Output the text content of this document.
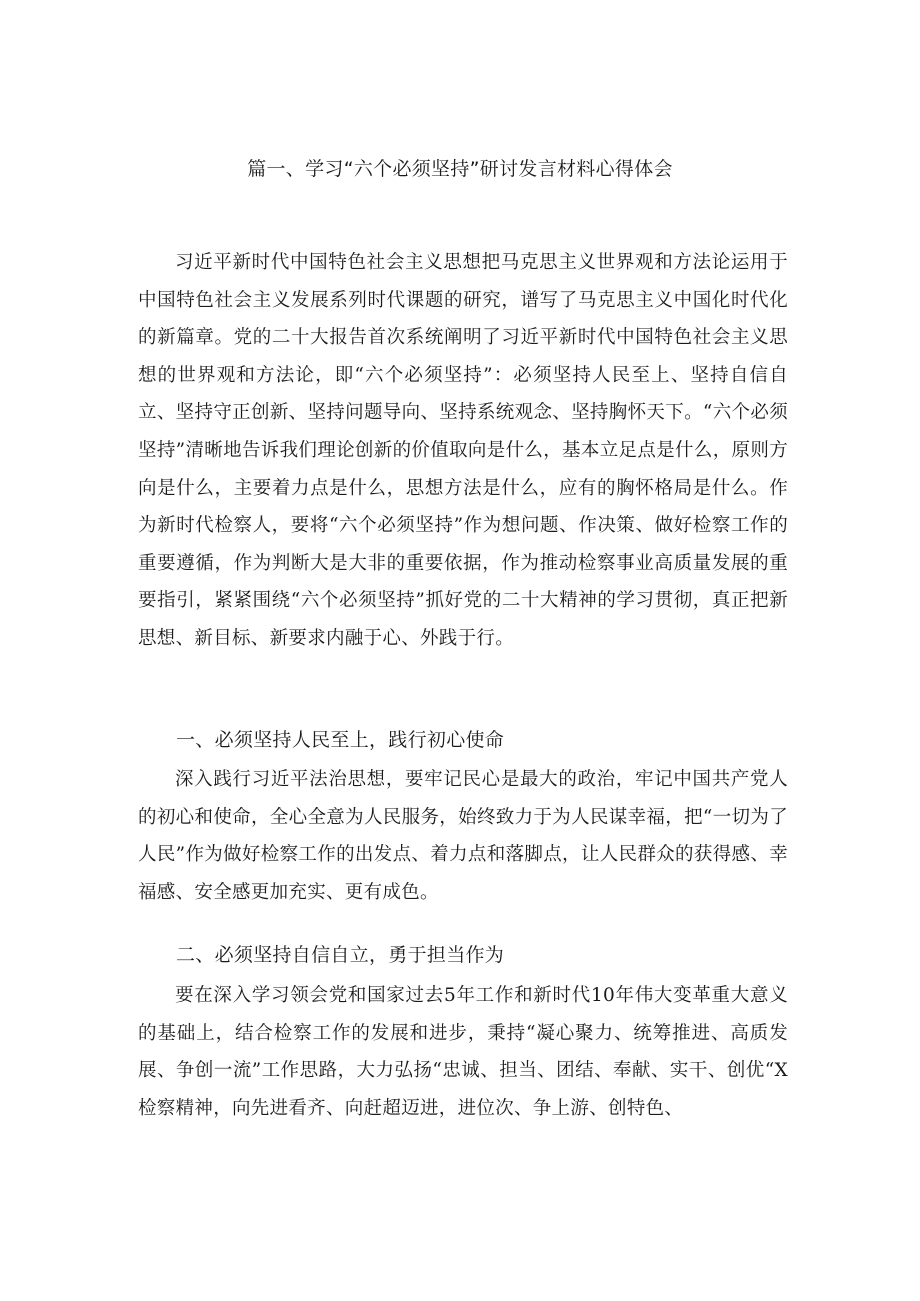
篇一、学习“六个必须坚持”研讨发言材料心得体会

习近平新时代中国特色社会主义思想把马克思主义世界观和方法论运用于中国特色社会主义发展系列时代课题的研究，谱写了马克思主义中国化时代化的新篇章。党的二十大报告首次系统阐明了习近平新时代中国特色社会主义思想的世界观和方法论，即“六个必须坚持”：必须坚持人民至上、坚持自信自立、坚持守正创新、坚持问题导向、坚持系统观念、坚持胸怀天下。“六个必须坚持”清晰地告诉我们理论创新的价值取向是什么，基本立足点是什么，原则方向是什么，主要着力点是什么，思想方法是什么，应有的胸怀格局是什么。作为新时代检察人，要将“六个必须坚持”作为想问题、作决策、做好检察工作的重要遵循，作为判断大是大非的重要依据，作为推动检察事业高质量发展的重要指引，紧紧围绕“六个必须坚持”抓好党的二十大精神的学习贯彻，真正把新思想、新目标、新要求内融于心、外践于行。

一、必须坚持人民至上，践行初心使命

深入践行习近平法治思想，要牢记民心是最大的政治，牢记中国共产党人的初心和使命，全心全意为人民服务，始终致力于为人民谋幸福，把“一切为了人民”作为做好检察工作的出发点、着力点和落脚点，让人民群众的获得感、幸福感、安全感更加充实、更有成色。

二、必须坚持自信自立，勇于担当作为

要在深入学习领会党和国家过去5年工作和新时代10年伟大变革重大意义的基础上，结合检察工作的发展和进步，秉持“凝心聚力、统筹推进、高质发展、争创一流”工作思路，大力弘扬“忠诚、担当、团结、奉献、实干、创优“X检察精神，向先进看齐、向赶超迈进，进位次、争上游、创特色、
